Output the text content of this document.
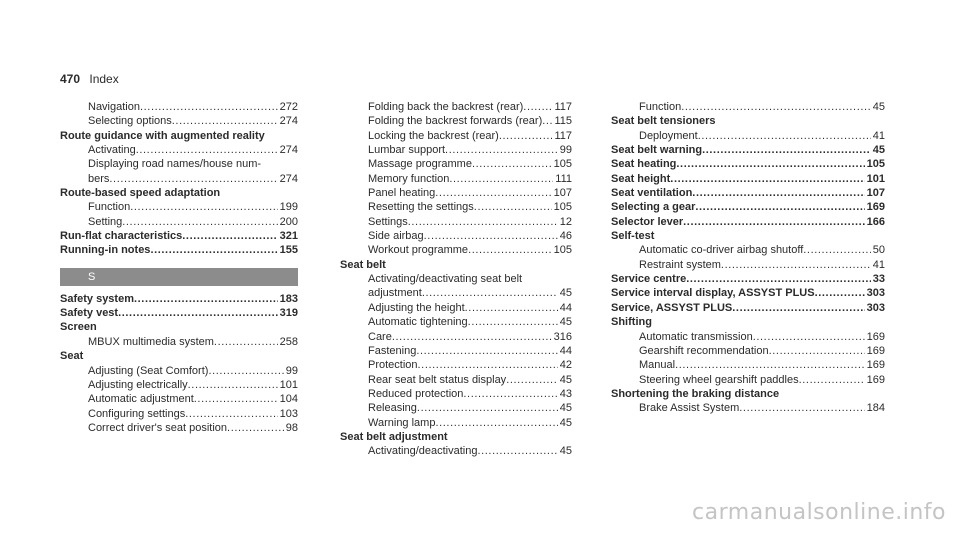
470 Index
Navigation .....	272
Selecting options .....	274
Route guidance with augmented reality
Activating .....	274
Displaying road names/house num-
bers .....	274
Route-based speed adaptation
Function .....	199
Setting .....	200
Run-flat characteristics .....	321
Running-in notes .....	155
S
Safety system .....	183
Safety vest .....	319
Screen
MBUX multimedia system .....	258
Seat
Adjusting (Seat Comfort) .....	99
Adjusting electrically .....	101
Automatic adjustment .....	104
Configuring settings .....	103
Correct driver's seat position .....	98
Folding back the backrest (rear) .....	117
Folding the backrest forwards (rear) ..... 115
Locking the backrest (rear) .....	117
Lumbar support .....	99
Massage programme .....	105
Memory function .....	111
Panel heating .....	107
Resetting the settings .....	105
Settings .....	12
Side airbag .....	46
Workout programme .....	105
Seat belt
Activating/deactivating seat belt
adjustment .....	45
Adjusting the height .....	44
Automatic tightening .....	45
Care .....	316
Fastening .....	44
Protection .....	42
Rear seat belt status display .....	45
Reduced protection .....	43
Releasing .....	45
Warning lamp .....	45
Seat belt adjustment
Activating/deactivating .....	45
Function .....	45
Seat belt tensioners
Deployment .....	41
Seat belt warning .....	45
Seat heating .....	105
Seat height .....	101
Seat ventilation .....	107
Selecting a gear .....	169
Selector lever .....	166
Self-test
Automatic co-driver airbag shutoff .....	50
Restraint system .....	41
Service centre .....	33
Service interval display, ASSYST PLUS .....	303
Service, ASSYST PLUS .....	303
Shifting
Automatic transmission .....	169
Gearshift recommendation .....	169
Manual .....	169
Steering wheel gearshift paddles .....	169
Shortening the braking distance
Brake Assist System .....	184
carmanualsonline.info
